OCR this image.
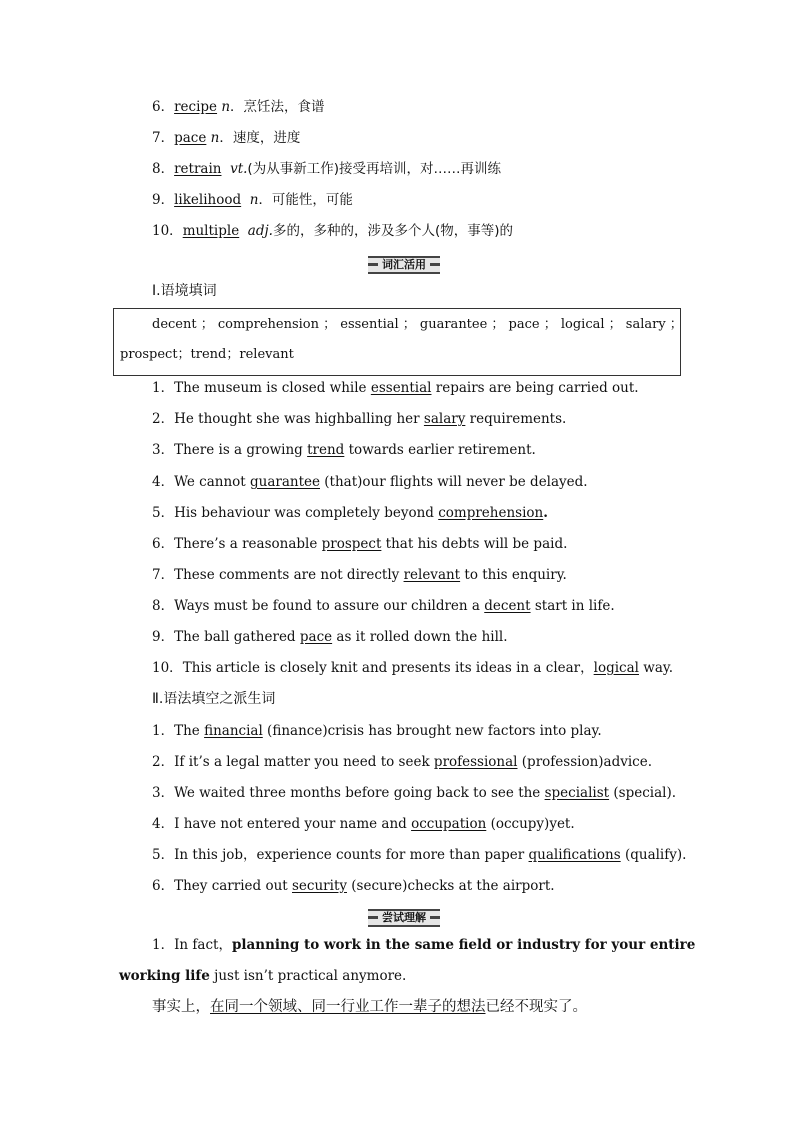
6．recipe n．烹饪法，食谱
7．pace n．速度，进度
8．retrain vt.(为从事新工作)接受再培训，对……再训练
9．likelihood n．可能性，可能
10．multiple adj.多的，多种的，涉及多个人(物，事等)的
词汇活用
Ⅰ.语境填词
decent ； comprehension ； essential ； guarantee ； pace ； logical ； salary ；
prospect；trend；relevant
1．The museum is closed while essential repairs are being carried out.
2．He thought she was highballing her salary requirements.
3．There is a growing trend towards earlier retirement.
4．We cannot guarantee (that)our flights will never be delayed.
5．His behaviour was completely beyond comprehension.
6．There’s a reasonable prospect that his debts will be paid.
7．These comments are not directly relevant to this enquiry.
8．Ways must be found to assure our children a decent start in life.
9．The ball gathered pace as it rolled down the hill.
10．This article is closely knit and presents its ideas in a clear，logical way.
Ⅱ.语法填空之派生词
1．The financial (finance)crisis has brought new factors into play.
2．If it’s a legal matter you need to seek professional (profession)advice.
3．We waited three months before going back to see the specialist (special).
4．I have not entered your name and occupation (occupy)yet.
5．In this job，experience counts for more than paper qualifications (qualify).
6．They carried out security (secure)checks at the airport.
尝试理解
1．In fact，planning to work in the same field or industry for your entire
working life just isn’t practical anymore.
事实上，在同一个领域、同一行业工作一辈子的想法已经不现实了。
